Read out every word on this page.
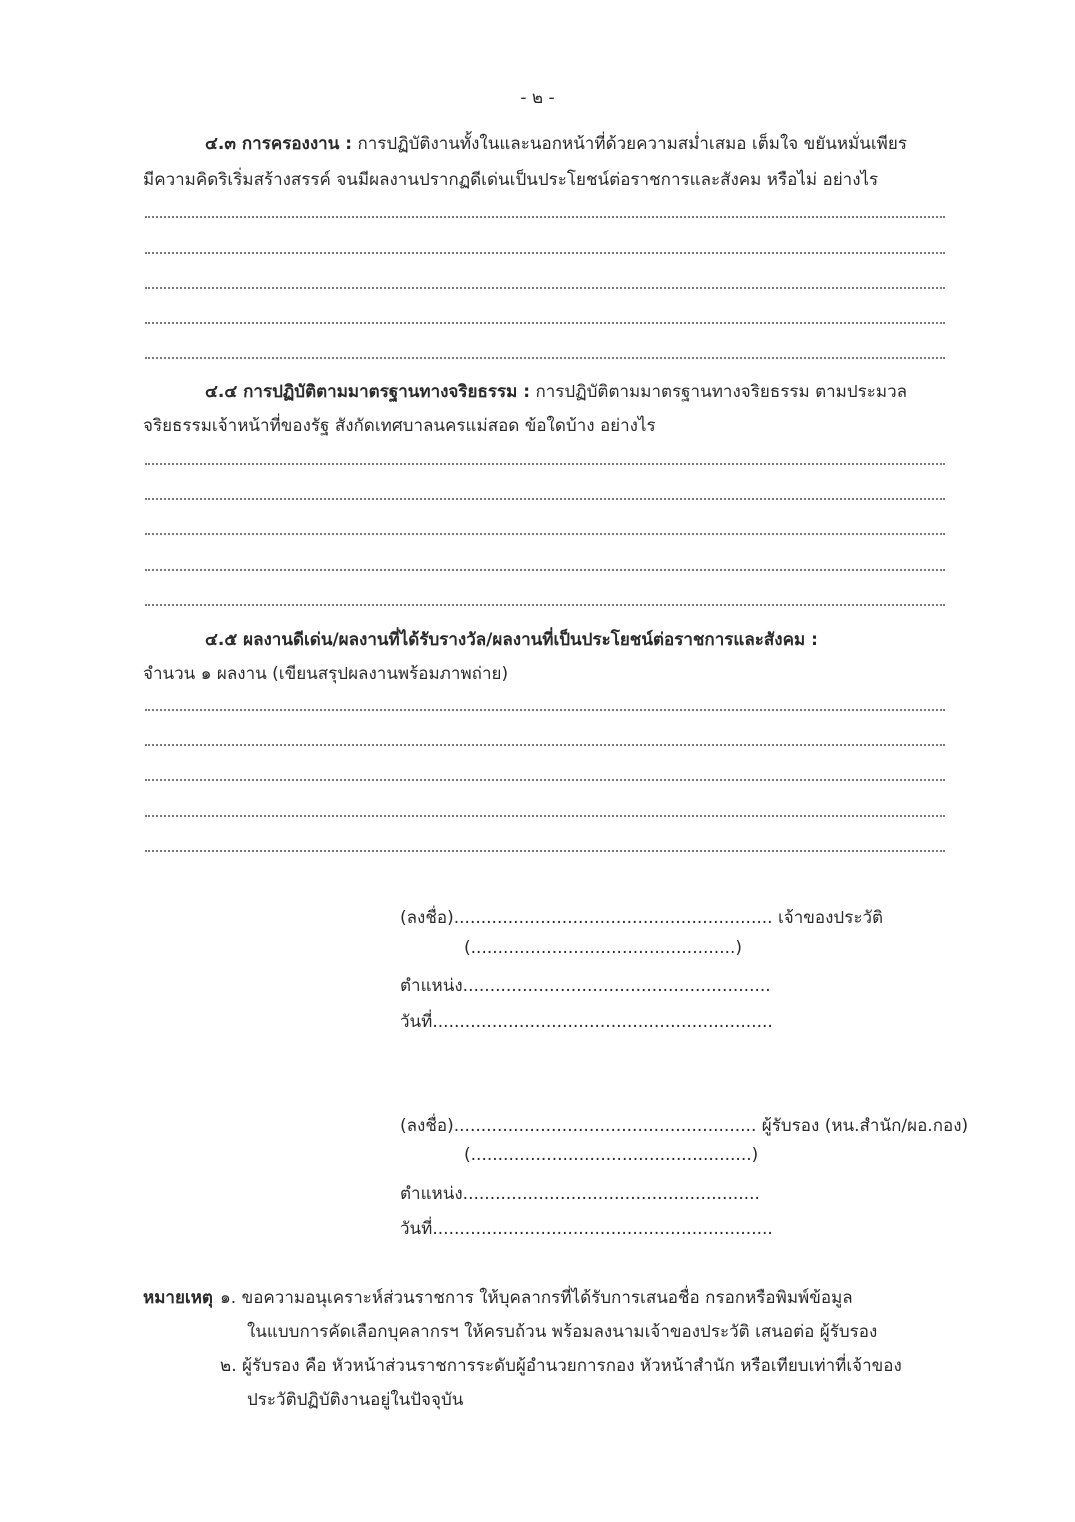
- ๒ -
๔.๓ การครองงาน : การปฏิบัติงานทั้งในและนอกหน้าที่ด้วยความสม่ำเสมอ เต็มใจ ขยันหมั่นเพียร
มีความคิดริเริ่มสร้างสรรค์ จนมีผลงานปรากฏดีเด่นเป็นประโยชน์ต่อราชการและสังคม หรือไม่ อย่างไร
๔.๔ การปฏิบัติตามมาตรฐานทางจริยธรรม : การปฏิบัติตามมาตรฐานทางจริยธรรม ตามประมวล
จริยธรรมเจ้าหน้าที่ของรัฐ สังกัดเทศบาลนครแม่สอด ข้อใดบ้าง อย่างไร
๔.๕ ผลงานดีเด่น/ผลงานที่ได้รับรางวัล/ผลงานที่เป็นประโยชน์ต่อราชการและสังคม :
จำนวน ๑ ผลงาน (เขียนสรุปผลงานพร้อมภาพถ่าย)
(ลงชื่อ)........................................................... เจ้าของประวัติ
(.................................................)
ตำแหน่ง.........................................................
วันที่...............................................................
(ลงชื่อ)........................................................ ผู้รับรอง (หน.สำนัก/ผอ.กอง)
(....................................................)
ตำแหน่ง.......................................................
วันที่...............................................................
หมายเหตุ ๑. ขอความอนุเคราะห์ส่วนราชการ ให้บุคลากรที่ได้รับการเสนอชื่อ กรอกหรือพิมพ์ข้อมูล
ในแบบการคัดเลือกบุคลากรฯ ให้ครบถ้วน พร้อมลงนามเจ้าของประวัติ เสนอต่อ ผู้รับรอง
๒. ผู้รับรอง คือ หัวหน้าส่วนราชการระดับผู้อำนวยการกอง หัวหน้าสำนัก หรือเทียบเท่าที่เจ้าของ
ประวัติปฏิบัติงานอยู่ในปัจจุบัน
